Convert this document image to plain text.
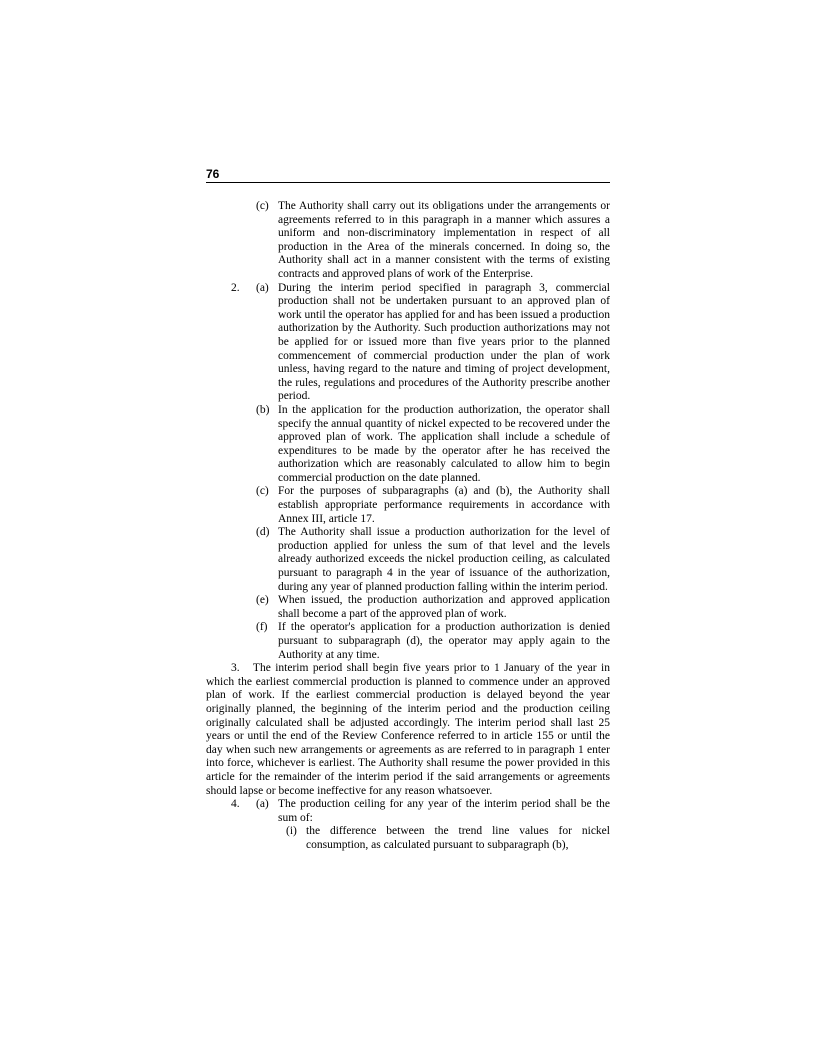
76
(c) The Authority shall carry out its obligations under the arrangements or agreements referred to in this paragraph in a manner which assures a uniform and non-discriminatory implementation in respect of all production in the Area of the minerals concerned. In doing so, the Authority shall act in a manner consistent with the terms of existing contracts and approved plans of work of the Enterprise.
2. (a) During the interim period specified in paragraph 3, commercial production shall not be undertaken pursuant to an approved plan of work until the operator has applied for and has been issued a production authorization by the Authority. Such production authorizations may not be applied for or issued more than five years prior to the planned commencement of commercial production under the plan of work unless, having regard to the nature and timing of project development, the rules, regulations and procedures of the Authority prescribe another period.
(b) In the application for the production authorization, the operator shall specify the annual quantity of nickel expected to be recovered under the approved plan of work. The application shall include a schedule of expenditures to be made by the operator after he has received the authorization which are reasonably calculated to allow him to begin commercial production on the date planned.
(c) For the purposes of subparagraphs (a) and (b), the Authority shall establish appropriate performance requirements in accordance with Annex III, article 17.
(d) The Authority shall issue a production authorization for the level of production applied for unless the sum of that level and the levels already authorized exceeds the nickel production ceiling, as calculated pursuant to paragraph 4 in the year of issuance of the authorization, during any year of planned production falling within the interim period.
(e) When issued, the production authorization and approved application shall become a part of the approved plan of work.
(f) If the operator's application for a production authorization is denied pursuant to subparagraph (d), the operator may apply again to the Authority at any time.
3. The interim period shall begin five years prior to 1 January of the year in which the earliest commercial production is planned to commence under an approved plan of work. If the earliest commercial production is delayed beyond the year originally planned, the beginning of the interim period and the production ceiling originally calculated shall be adjusted accordingly. The interim period shall last 25 years or until the end of the Review Conference referred to in article 155 or until the day when such new arrangements or agreements as are referred to in paragraph 1 enter into force, whichever is earliest. The Authority shall resume the power provided in this article for the remainder of the interim period if the said arrangements or agreements should lapse or become ineffective for any reason whatsoever.
4. (a) The production ceiling for any year of the interim period shall be the sum of:
(i) the difference between the trend line values for nickel consumption, as calculated pursuant to subparagraph (b),
